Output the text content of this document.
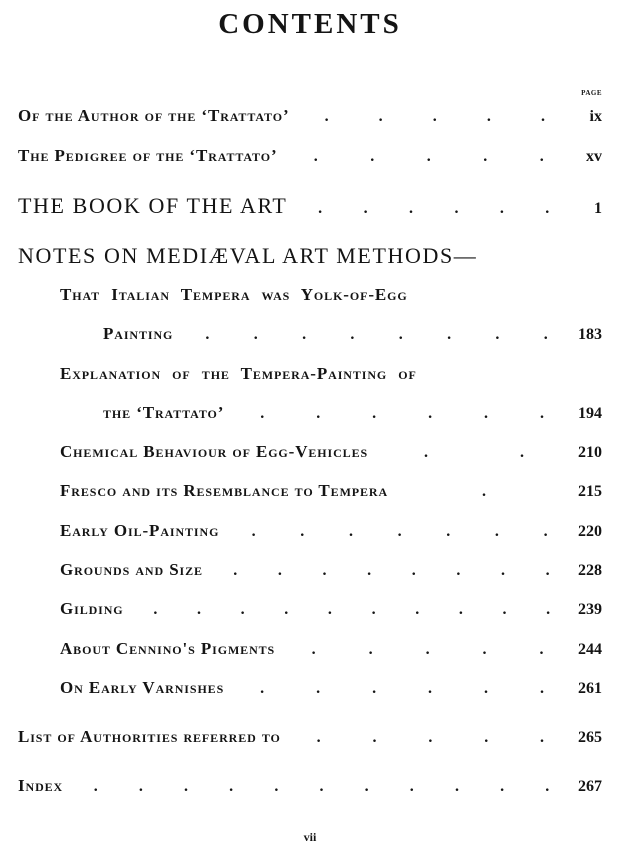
CONTENTS
PAGE
Of the Author of the ‘Trattato’ .	.	.	.	.	ix
The Pedigree of the ‘Trattato’ .	.	.	.	.	xv
THE BOOK OF THE ART .	.	.	.	.	.	1
NOTES ON MEDIÆVAL ART METHODS—
That Italian Tempera was Yolk-of-Egg
Painting .	.	.	.	.	.	.	. 183
Explanation of the Tempera-Painting of
the ‘Trattato’ .	.	.	.	.	. 194
Chemical Behaviour of Egg-Vehicles	.	.	210
Fresco and its Resemblance to Tempera	.	215
Early Oil-Painting .	.	.	.	.	.	. 220
Grounds and Size .	.	.	.	.	.	.	. 228
Gilding . . . . . . . . . . 239
About Cennino's Pigments .	.	.	.	. 244
On Early Varnishes .	.	.	.	.	. 261
List of Authorities referred to .	.	.	.	. 265
Index .	.	.	.	.	.	.	.	.	.	. 267
vii
